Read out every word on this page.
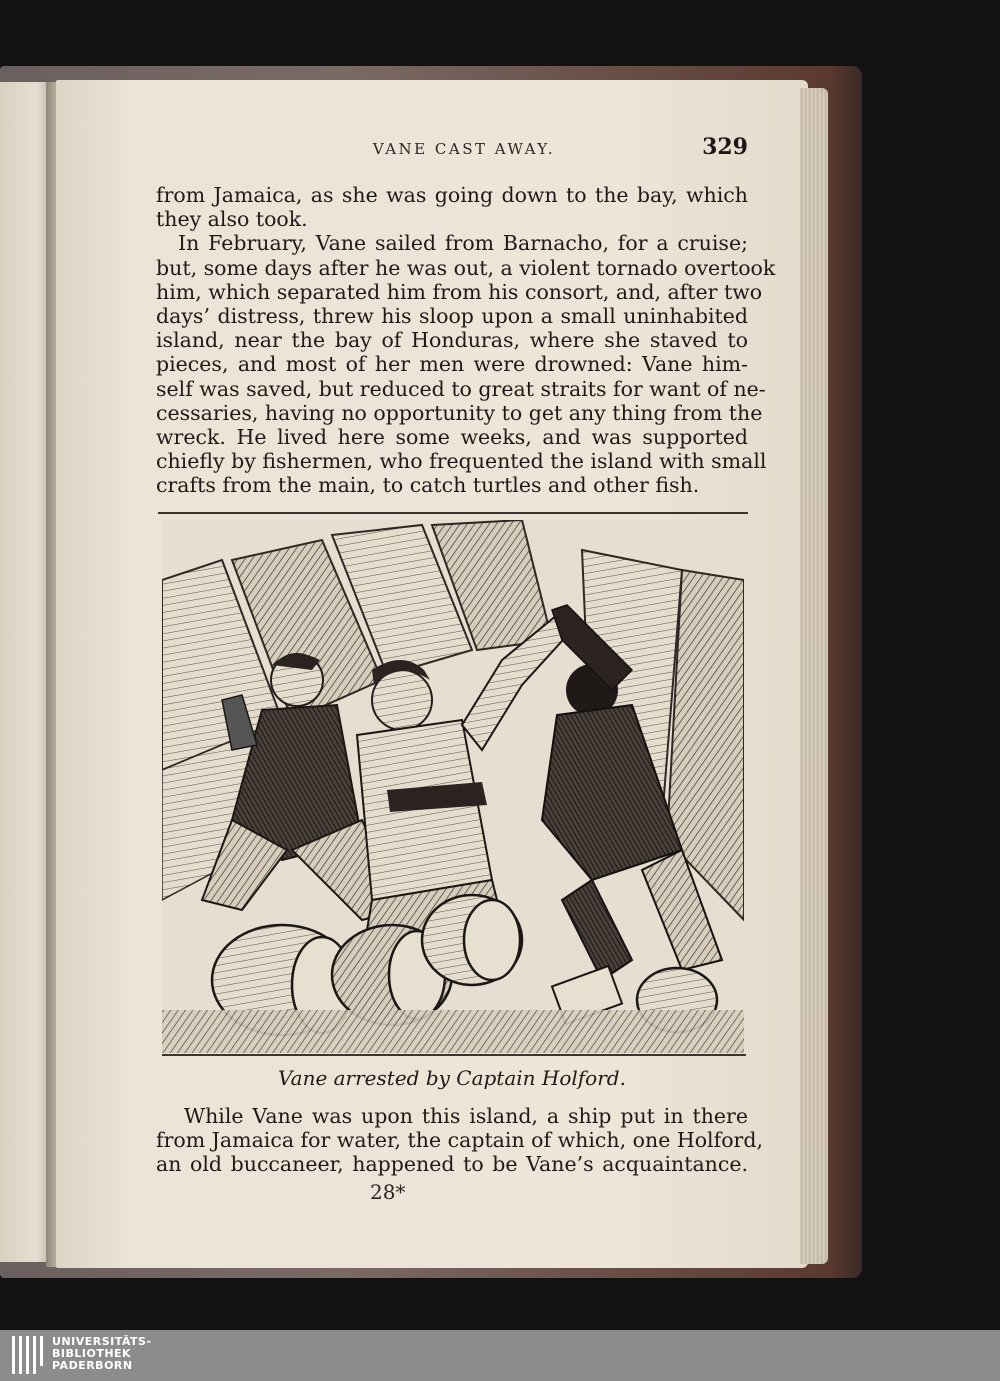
VANE CAST AWAY.	329
from Jamaica, as she was going down to the bay, which
they also took.
In February, Vane sailed from Barnacho, for a cruise;
but, some days after he was out, a violent tornado overtook
him, which separated him from his consort, and, after two
days’ distress, threw his sloop upon a small uninhabited
island, near the bay of Honduras, where she staved to
pieces, and most of her men were drowned: Vane him-
self was saved, but reduced to great straits for want of ne-
cessaries, having no opportunity to get any thing from the
wreck. He lived here some weeks, and was supported
chiefly by fishermen, who frequented the island with small
crafts from the main, to catch turtles and other fish.
Vane arrested by Captain Holford.
While Vane was upon this island, a ship put in there
from Jamaica for water, the captain of which, one Holford,
an old buccaneer, happened to be Vane’s acquaintance.
28*
UNIVERSITÄTS-
BIBLIOTHEK
PADERBORN
